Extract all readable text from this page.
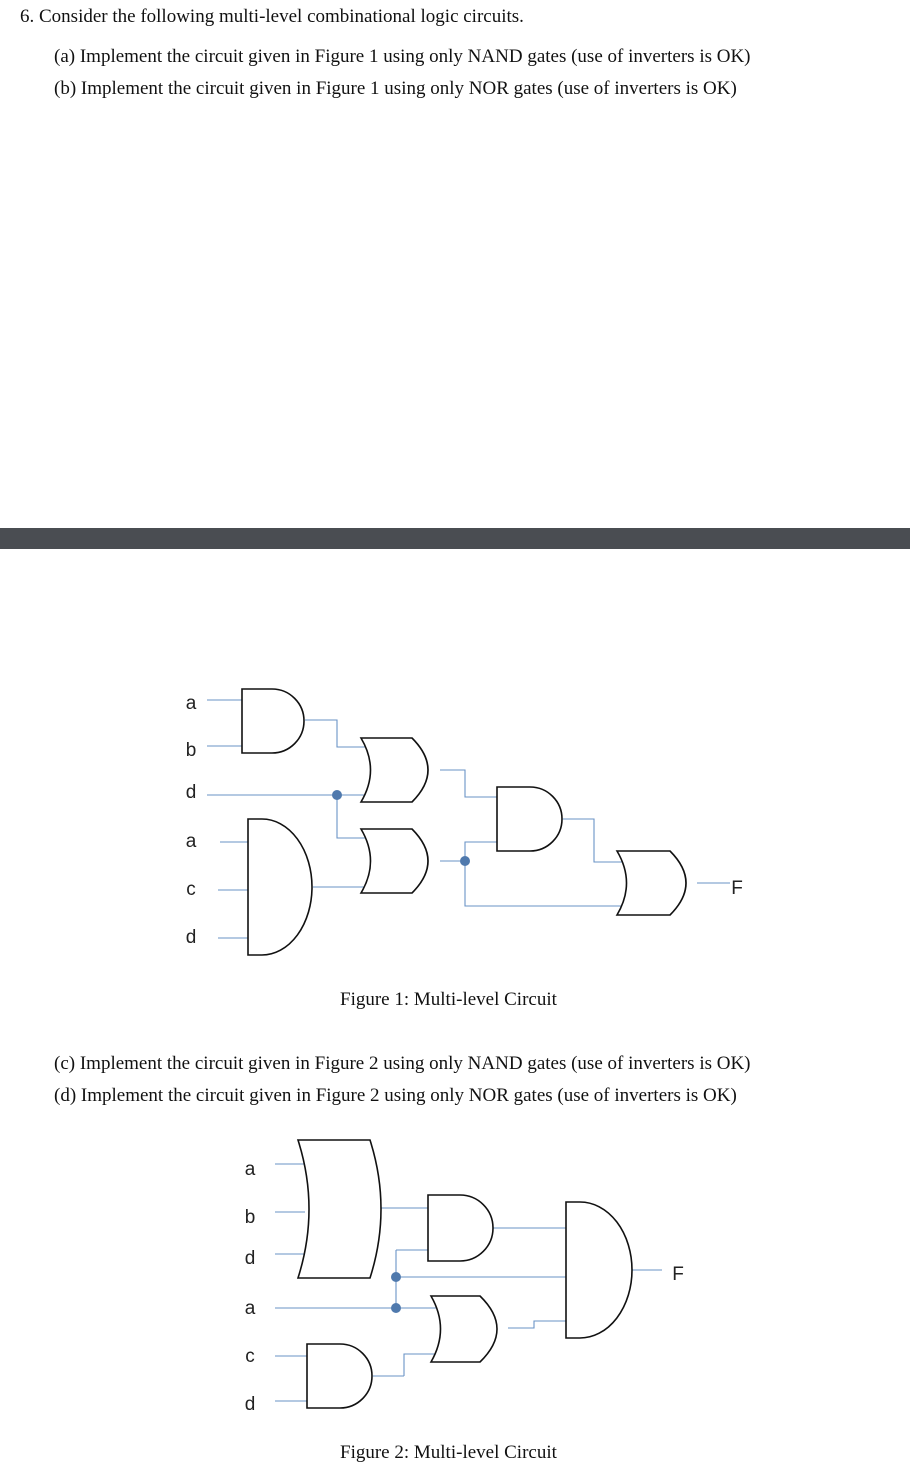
6. Consider the following multi-level combinational logic circuits.
(a) Implement the circuit given in Figure 1 using only NAND gates (use of inverters is OK)
(b) Implement the circuit given in Figure 1 using only NOR gates (use of inverters is OK)
a
b
d
a
c
d
F
Figure 1: Multi-level Circuit
(c) Implement the circuit given in Figure 2 using only NAND gates (use of inverters is OK)
(d) Implement the circuit given in Figure 2 using only NOR gates (use of inverters is OK)
a
b
d
a
c
d
F
Figure 2: Multi-level Circuit
